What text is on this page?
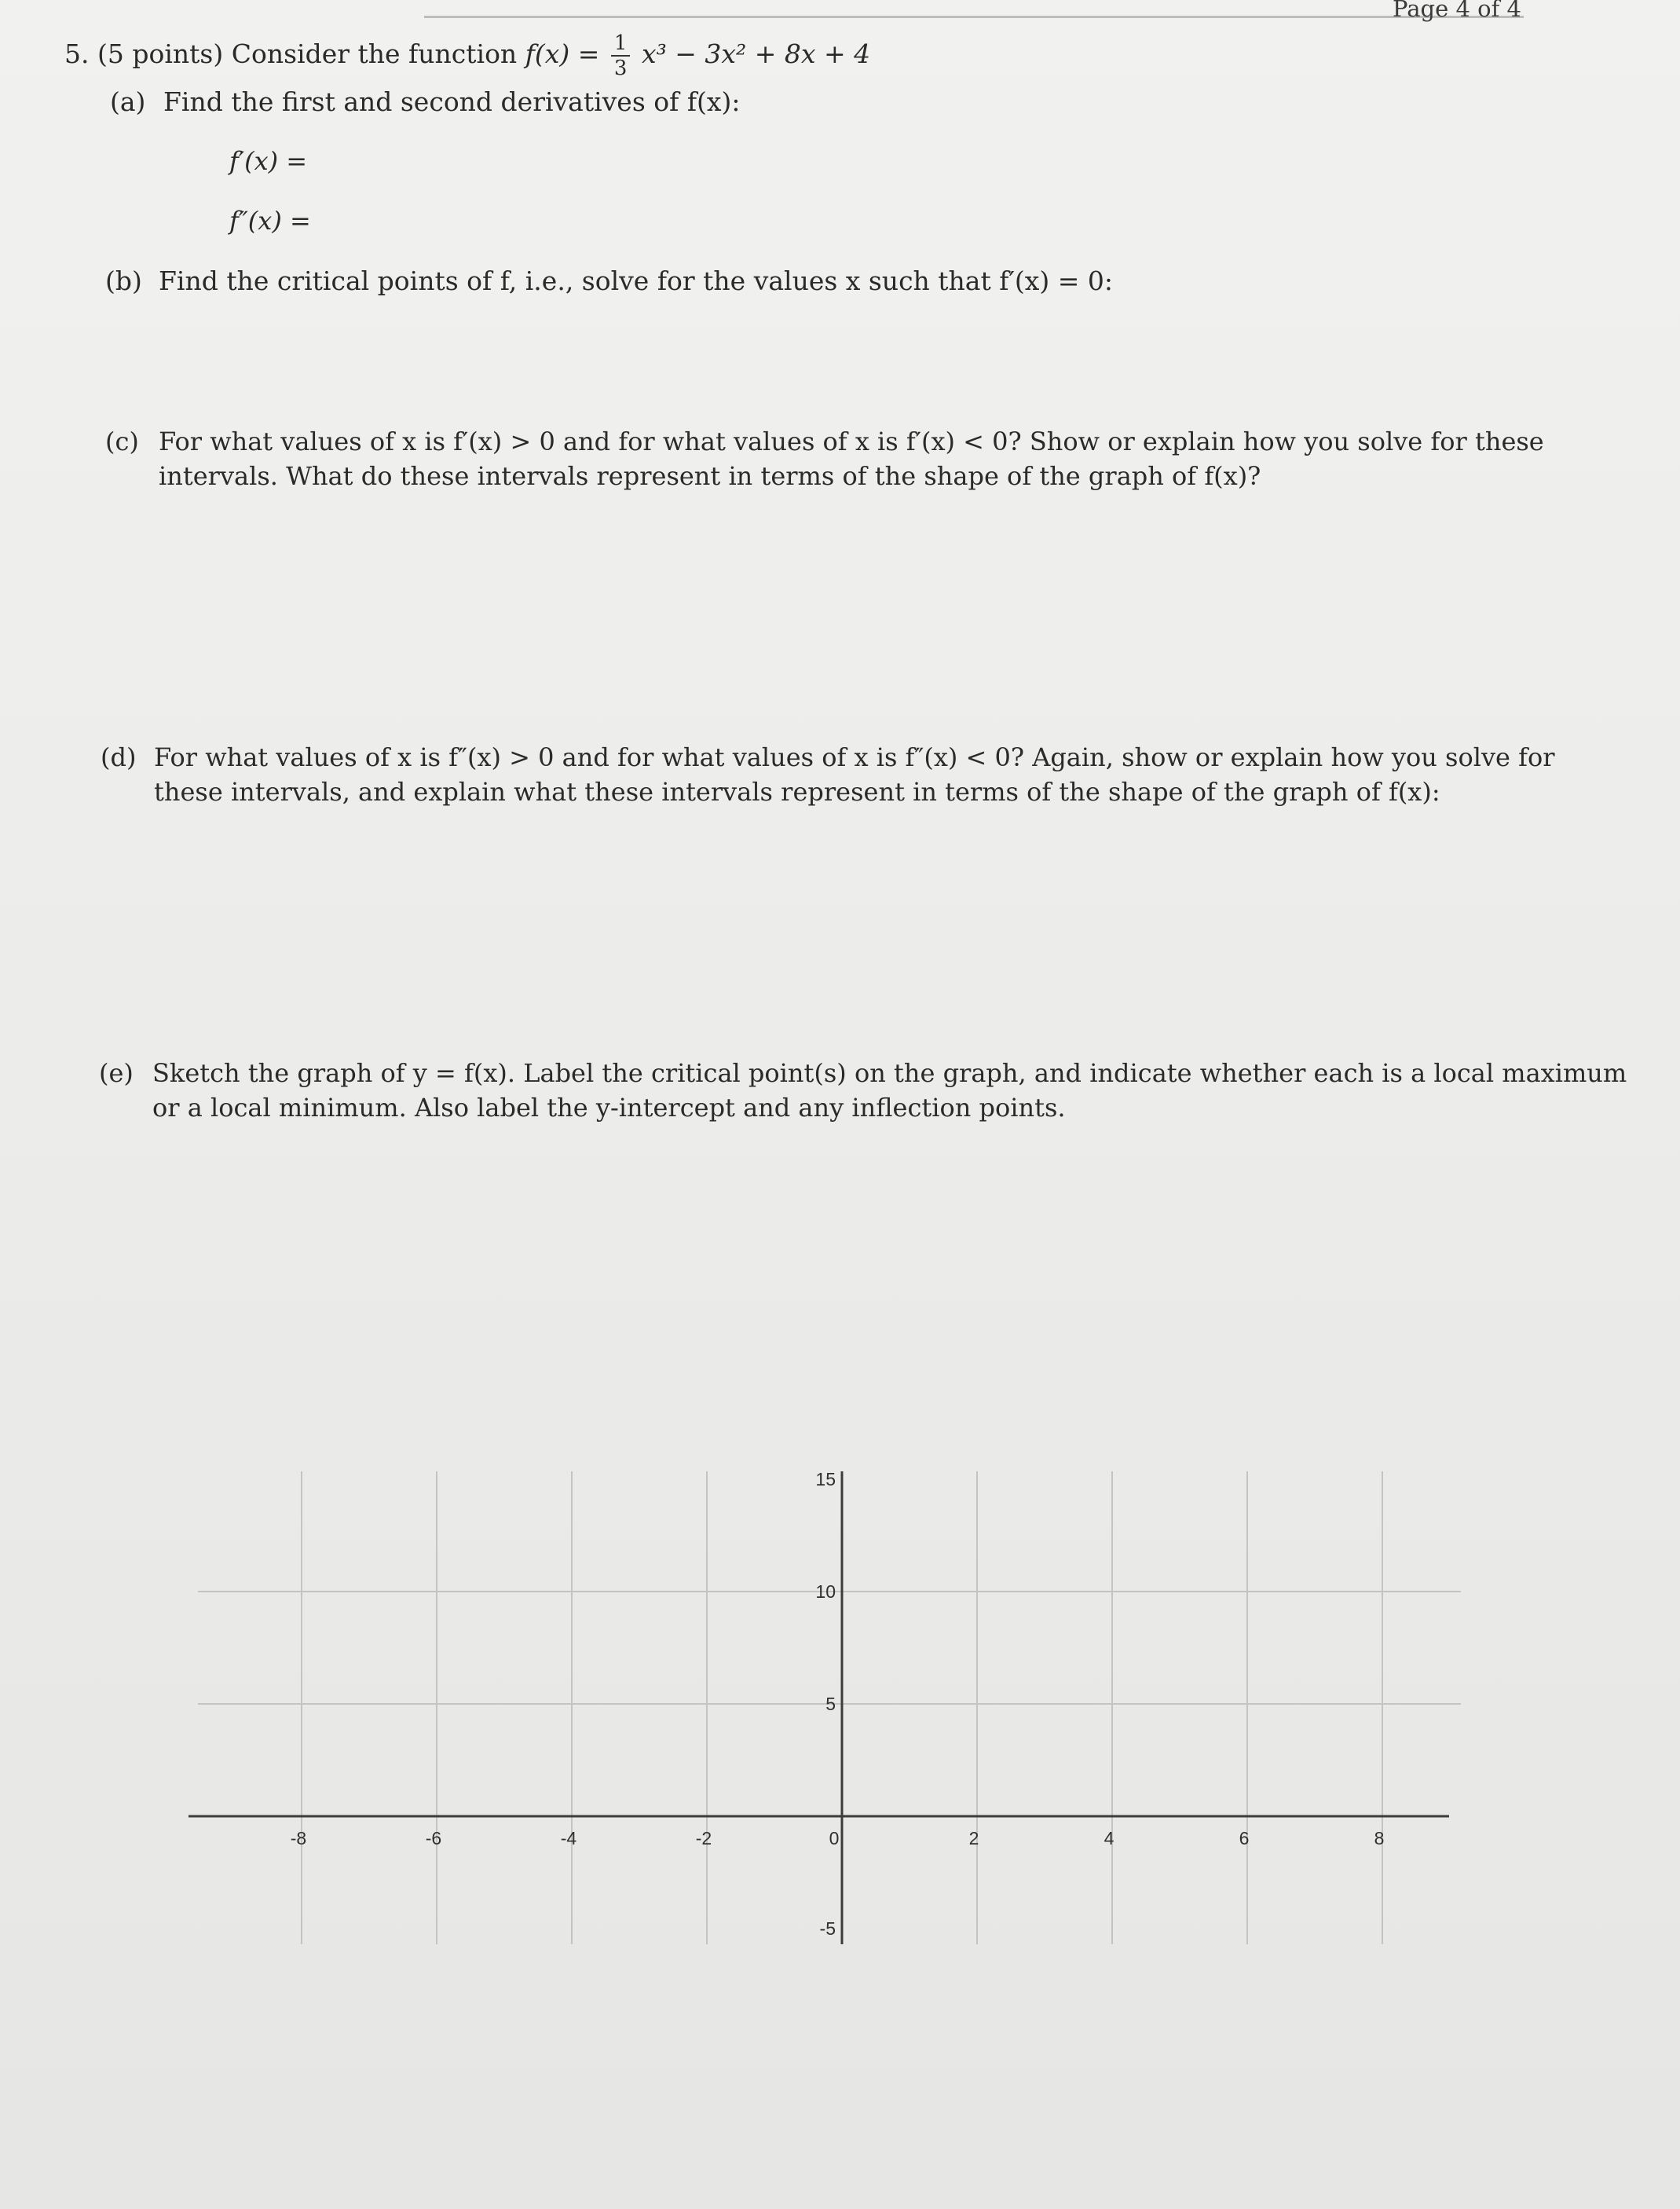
Page 4 of 4
5. (5 points) Consider the function $f(x) = \frac{1}{3} x^3 - 3x^2 + 8x + 4$
(a) Find the first and second derivatives of f(x):
f′(x) =
f″(x) =
(b) Find the critical points of f, i.e., solve for the values x such that f′(x) = 0:
(c) For what values of x is f′(x) > 0 and for what values of x is f′(x) < 0? Show or explain how you solve for these
intervals. What do these intervals represent in terms of the shape of the graph of f(x)?
(d) For what values of x is f″(x) > 0 and for what values of x is f″(x) < 0? Again, show or explain how you solve for
these intervals, and explain what these intervals represent in terms of the shape of the graph of f(x):
(e) Sketch the graph of y = f(x). Label the critical point(s) on the graph, and indicate whether each is a local maximum
or a local minimum. Also label the y-intercept and any inflection points.
-8	-6	-4	-2	0	2	4	6	8
15
10
5
-5
